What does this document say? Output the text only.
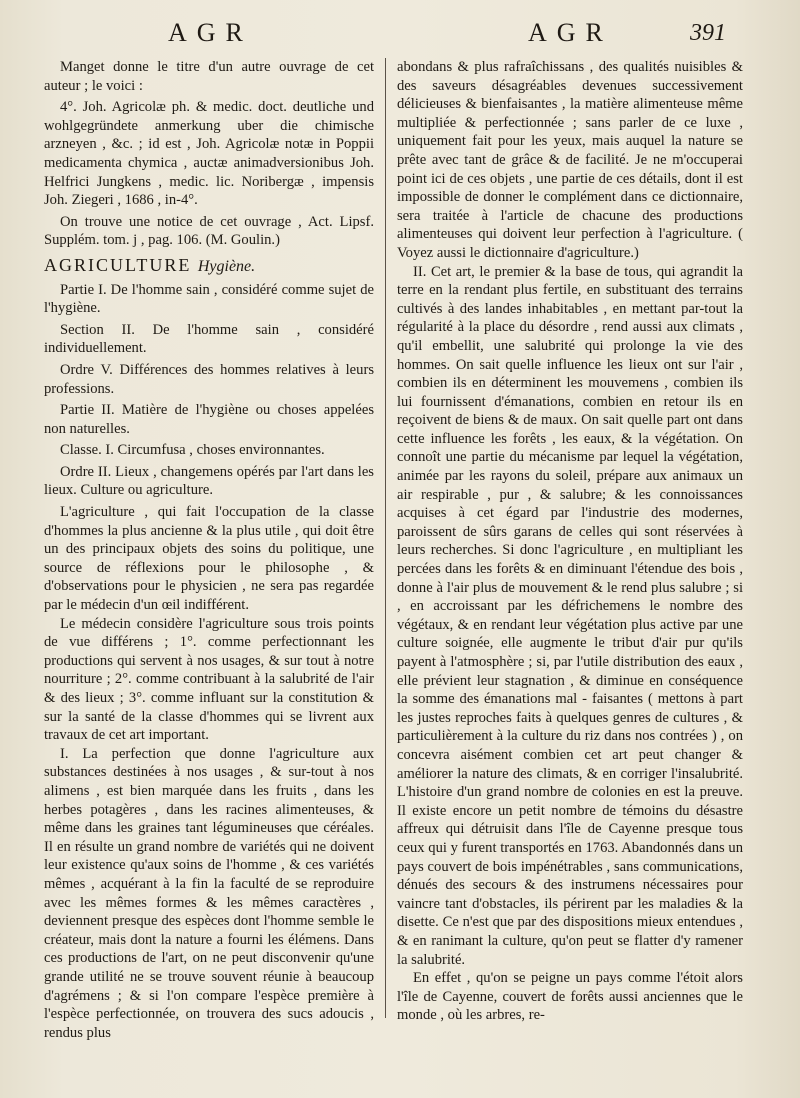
AGR	AGR	391

Manget donne le titre d'un autre ouvrage de cet auteur ; le voici :

4°. Joh. Agricolæ ph. & medic. doct. deutliche und wohlgegründete anmerkung uber die chimische arzneyen , &c. ; id est , Joh. Agricolæ notæ in Poppii medicamenta chymica , auctæ animadversionibus Joh. Helfrici Jungkens , medic. lic. Noribergæ , impensis Joh. Ziegeri , 1686 , in-4°.

On trouve une notice de cet ouvrage , Act. Lipsf. Supplém. tom. j , pag. 106. (M. Goulin.)

AGRICULTURE Hygiène.

Partie I. De l'homme sain , considéré comme sujet de l'hygiène.

Section II. De l'homme sain , considéré individuellement.

Ordre V. Différences des hommes relatives à leurs professions.

Partie II. Matière de l'hygiène ou choses appelées non naturelles.

Classe. I. Circumfusa , choses environnantes.

Ordre II. Lieux , changemens opérés par l'art dans les lieux. Culture ou agriculture.

L'agriculture , qui fait l'occupation de la classe d'hommes la plus ancienne & la plus utile , qui doit être un des principaux objets des soins du politique, une source de réflexions pour le philosophe , & d'observations pour le physicien , ne sera pas regardée par le médecin d'un œil indifférent.

Le médecin considère l'agriculture sous trois points de vue différens ; 1°. comme perfectionnant les productions qui servent à nos usages, & sur tout à notre nourriture ; 2°. comme contribuant à la salubrité de l'air & des lieux ; 3°. comme influant sur la constitution & sur la santé de la classe d'hommes qui se livrent aux travaux de cet art important.

I. La perfection que donne l'agriculture aux substances destinées à nos usages , & sur-tout à nos alimens , est bien marquée dans les fruits , dans les herbes potagères , dans les racines alimenteuses, & même dans les graines tant légumineuses que céréales. Il en résulte un grand nombre de variétés qui ne doivent leur existence qu'aux soins de l'homme , & ces variétés mêmes , acquérant à la fin la faculté de se reproduire avec les mêmes formes & les mêmes caractères , deviennent presque des espèces dont l'homme semble le créateur, mais dont la nature a fourni les élémens. Dans ces productions de l'art, on ne peut disconvenir qu'une grande utilité ne se trouve souvent réunie à beaucoup d'agrémens ; & si l'on compare l'espèce première à l'espèce perfectionnée, on trouvera des sucs adoucis , rendus plus

abondans & plus rafraîchissans , des qualités nuisibles & des saveurs désagréables devenues successivement délicieuses & bienfaisantes , la matière alimenteuse même multipliée & perfectionnée ; sans parler de ce luxe , uniquement fait pour les yeux, mais auquel la nature se prête avec tant de grâce & de facilité. Je ne m'occuperai point ici de ces objets , une partie de ces détails, dont il est impossible de donner le complément dans ce dictionnaire, sera traitée à l'article de chacune des productions alimenteuses qui doivent leur perfection à l'agriculture. ( Voyez aussi le dictionnaire d'agriculture.)

II. Cet art, le premier & la base de tous, qui agrandit la terre en la rendant plus fertile, en substituant des terrains cultivés à des landes inhabitables , en mettant par-tout la régularité à la place du désordre , rend aussi aux climats , qu'il embellit, une salubrité qui prolonge la vie des hommes. On sait quelle influence les lieux ont sur l'air , combien ils en déterminent les mouvemens , combien ils lui fournissent d'émanations, combien en retour ils en reçoivent de biens & de maux. On sait quelle part ont dans cette influence les forêts , les eaux, & la végétation. On connoît une partie du mécanisme par lequel la végétation, animée par les rayons du soleil, prépare aux animaux un air respirable , pur , & salubre; & les connoissances acquises à cet égard par l'industrie des modernes, paroissent de sûrs garans de celles qui sont réservées à leurs recherches. Si donc l'agriculture , en multipliant les percées dans les forêts & en diminuant l'étendue des bois , donne à l'air plus de mouvement & le rend plus salubre ; si , en accroissant par les défrichemens le nombre des végétaux, & en rendant leur végétation plus active par une culture soignée, elle augmente le tribut d'air pur qu'ils payent à l'atmosphère ; si, par l'utile distribution des eaux , elle prévient leur stagnation , & diminue en conséquence la somme des émanations mal - faisantes ( mettons à part les justes reproches faits à quelques genres de cultures , & particulièrement à la culture du riz dans nos contrées ) , on concevra aisément combien cet art peut changer & améliorer la nature des climats, & en corriger l'insalubrité. L'histoire d'un grand nombre de colonies en est la preuve. Il existe encore un petit nombre de témoins du désastre affreux qui détruisit dans l'île de Cayenne presque tous ceux qui y furent transportés en 1763. Abandonnés dans un pays couvert de bois impénétrables , sans communications, dénués des secours & des instrumens nécessaires pour vaincre tant d'obstacles, ils périrent par les maladies & la disette. Ce n'est que par des dispositions mieux entendues , & en ranimant la culture, qu'on peut se flatter d'y ramener la salubrité.

En effet , qu'on se peigne un pays comme l'étoit alors l'île de Cayenne, couvert de forêts aussi anciennes que le monde , où les arbres, re-
